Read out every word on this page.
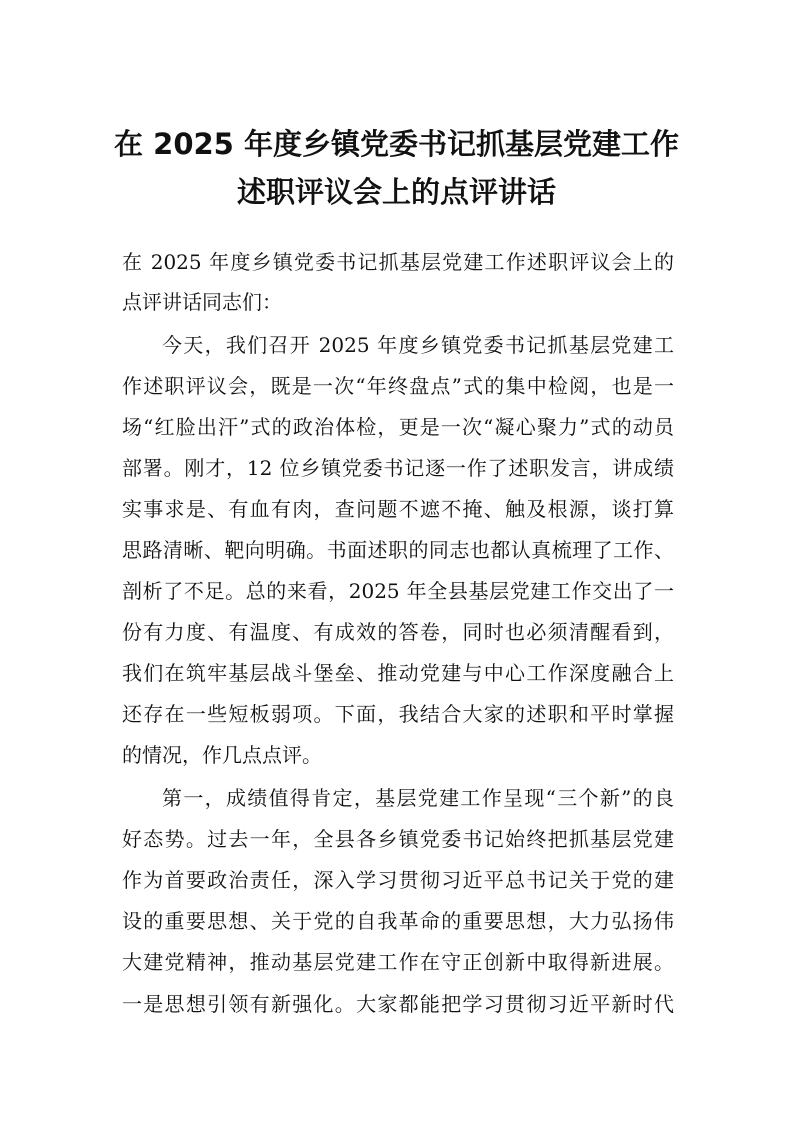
在 2025 年度乡镇党委书记抓基层党建工作
述职评议会上的点评讲话

在 2025 年度乡镇党委书记抓基层党建工作述职评议会上的

点评讲话同志们：

今天，我们召开 2025 年度乡镇党委书记抓基层党建工

作述职评议会，既是一次“年终盘点”式的集中检阅，也是一

场“红脸出汗”式的政治体检，更是一次“凝心聚力”式的动员

部署。刚才，12 位乡镇党委书记逐一作了述职发言，讲成绩

实事求是、有血有肉，查问题不遮不掩、触及根源，谈打算

思路清晰、靶向明确。书面述职的同志也都认真梳理了工作、

剖析了不足。总的来看，2025 年全县基层党建工作交出了一

份有力度、有温度、有成效的答卷，同时也必须清醒看到，

我们在筑牢基层战斗堡垒、推动党建与中心工作深度融合上

还存在一些短板弱项。下面，我结合大家的述职和平时掌握

的情况，作几点点评。

第一，成绩值得肯定，基层党建工作呈现“三个新”的良

好态势。过去一年，全县各乡镇党委书记始终把抓基层党建

作为首要政治责任，深入学习贯彻习近平总书记关于党的建

设的重要思想、关于党的自我革命的重要思想，大力弘扬伟

大建党精神，推动基层党建工作在守正创新中取得新进展。

一是思想引领有新强化。大家都能把学习贯彻习近平新时代
